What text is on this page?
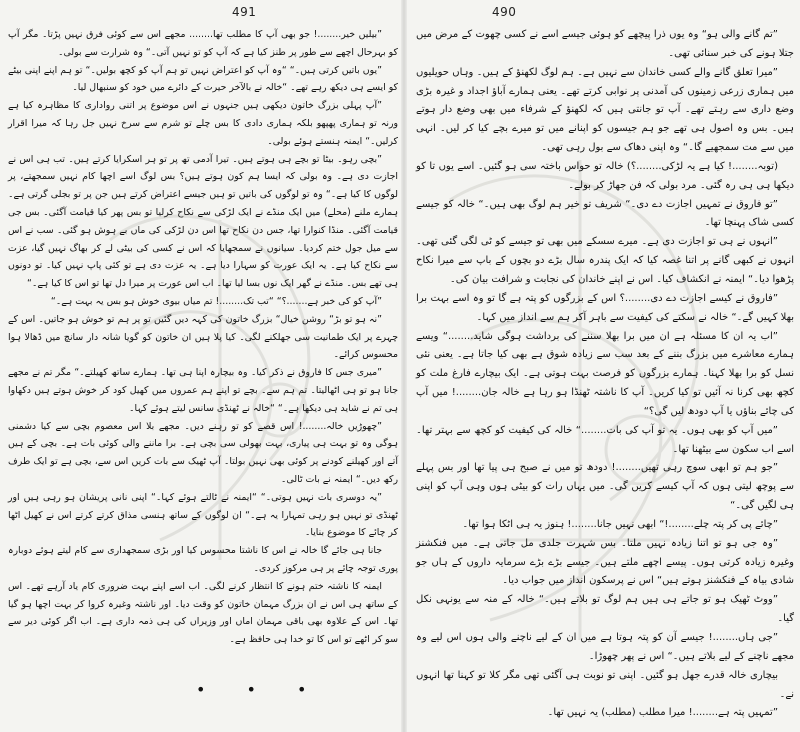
491

”بیلیں خیر........! جو بھی آپ کا مطلب تھا........ مجھے اس سے کوئی فرق نہیں پڑتا۔ مگر آپ کو بہرحال اچھے سے طور پر طنز کیا ہے کہ آپ کو تو نہیں آتی۔“ وہ شرارت سے بولی۔

”یوں باتیں کرتی ہیں۔“ “وہ آپ کو اعتراض نہیں تو ہم آپ کو کچھ بولیں۔“ تو ہم اپنے اپنی بیٹے کو ایسے ہی دیکھ رہے تھے۔ “خالہ نے بالآخر حیرت کے دائرے میں خود کو سنبھال لیا۔

”آپ پہلی بزرگ خاتون دیکھی ہیں جنہوں نے اس موضوع پر اتنی رواداری کا مظاہرہ کیا ہے ورنہ تو ہماری پھپھو بلکہ ہماری دادی کا بس چلے تو شرم سے سرخ نہیں جل رہا کہ میرا اقرار کرلیں۔“ ایمنہ ہنستے ہوئے بولی۔

”بچی رہو۔ بیٹا تو بچے ہی ہوتے ہیں۔ تیرا آدمی تھ پر تو ہر اسکرایا کرتے ہیں۔ تب ہی اس نے اجازت دی ہے۔ وہ بولی کہ ایسا ہم کون ہوتے ہیں؟ بس لوگ اسے اچھا کام نہیں سمجھتے، پر لوگوں کا کیا ہے۔“ وہ تو لوگوں کی باتیں تو ہیں جیسے اعتراض کرتے ہیں جن پر تو بجلی گرتی ہے۔ ہمارے ملنے (محلے) میں ایک منڈے نے ایک لڑکی سے نکاح کرلیا تو بس پھر کیا قیامت آگئی۔ بس جی قیامت آگئی۔ منڈا کنوارا تھا، جس دن نکاح تھا اس دن لڑکی کی ماں بے ہوش ہو گئی۔ سب نے اس سے میل جول ختم کردیا۔ سیانوں نے سمجھایا کہ اس نے کسی کی بیٹی لے کر بھاگ نہیں گیا، عزت سے نکاح کیا ہے۔ یہ ایک عورت کو سہارا دیا ہے۔ یہ عزت دی ہے تو کئی پاپ نہیں کیا۔ تو دونوں ہی تھے بس۔ منڈے نے گھر ایک نوں بسا لیا تھا۔ اب اس عورت پر میرا دل تھا تو اس کا کیا ہے۔“

”آپ کو کی خبر ہے.......؟“ “تب تک........! تم میاں بیوی خوش ہو بس یہ بہت ہے۔“

”نہ ہو تو بڑ“ روشن خیال“ بزرگ خاتون کی کہہ دیں گئیں تو پر ہم تو خوش ہو جاتیں۔ اس کے چہرے پر ایک طمانیت سی جھلکنے لگی۔ کیا پلا ہیں ان خاتون کو گویا شانہ دار سانچ میں ڈھالا ہوا محسوس کرائے۔

”میری جس کا فاروق نے ذکر کیا۔ وہ بیچارہ اپنا ہی تھا۔ ہمارے ساتھ کھیلتے۔“ مگر تم نے مجھے جانا ہو تو ہی اٹھالیتا۔ تم ہم سے۔ بچے تو اپنے ہم عمروں میں کھیل کود کر خوش ہوتے ہیں دکھاوا ہی تم نے شاید ہی دیکھا ہے۔“ “خالہ نے ٹھنڈی سانس لیتے ہوئے کہا۔

”چھوڑیں خالہ........! اس قصے کو تو رہنے دیں۔ مجھے بلا اس معصوم بچی سے کیا دشمنی ہوگی وہ تو بہت ہی پیاری، بہت بھولی سی بچی ہے۔ برا ماننے والی کوئی بات ہے۔ بچی کے ہیں آتے اور کھیلنے کودنے پر کوئی بھی نہیں بولتا۔ آپ ٹھیک سے بات کریں اس سے، بچی ہے تو ایک طرف رکھ دیں۔“ ایمنہ نے بات ٹالی۔

”یہ دوسری بات نہیں ہوتی۔“ “ایمنہ نے ٹالتے ہوئے کہا۔“ اپنی نانی پریشان ہو رہی ہیں اور ٹھنڈی تو نہیں ہو رہی تمہارا یہ ہے۔“ ان لوگوں کے ساتھ ہنسی مذاق کرتے کرتے اس نے کھیل اٹھا کر چائے کا موضوع بنایا۔

جانا ہی جائے گا خالہ نے اس کا ناشتا محسوس کیا اور بڑی سمجھداری سے کام لیتے ہوئے دوبارہ پوری توجہ چائے پر ہی مرکوز کردی۔

ایمنہ کا ناشتہ ختم ہونے کا انتظار کرنے لگی۔ اب اسے اپنے بہت ضروری کام یاد آرہے تھے۔ اس کے ساتھ ہی اس نے ان بزرگ مہمان خاتون کو وقت دیا۔ اور ناشتہ وغیرہ کروا کر بہت اچھا ہو گیا تھا۔ اس کے علاوہ بھی باقی مہمان اماں اور وزیراں کی ہی ذمہ داری ہے۔ اب اگر کوئی دیر سے سو کر اٹھے تو اس کا تو خدا ہی حافظ ہے۔

• • •
490

”تم گانے والی ہو“ وہ یوں ذرا پیچھے کو ہوئی جیسے اسے نے کسی چھوت کے مرض میں جتلا ہونے کی خبر سنائی تھی۔

”میرا تعلق گانے والے کسی خاندان سے نہیں ہے۔ ہم لوگ لکھنؤ کے ہیں۔ وہاں حویلیوں میں ہماری زرعی زمینوں کی آمدنی پر نوابی کرتے تھے۔ یعنی ہمارے آباؤ اجداد و غیرہ بڑی وضع داری سے رہتے تھے۔ آپ تو جانتی ہیں کہ لکھنؤ کے شرفاء میں بھی وضع دار ہوتے ہیں۔ بس وہ اصول ہی تھے جو ہم جیسوں کو اپنانے میں تو میرے بچے کیا کر لیں۔ انہی میں سے مت سمجھیے گا۔“ وہ اپنی دھاک سے بول رہی تھی۔

(توبہ........! کیا ہے یہ لڑکی........؟) خالہ تو حواس باختہ سی ہو گئیں۔ اسے یوں تا کو دیکھا ہی ہی رہ گئی۔ مرد بولی کہ فن جھاڑ کر بولے۔

”تو فاروق نے تمہیں اجازت دے دی۔“ شریف تو خیر ہم لوگ بھی ہیں۔“ خالہ کو جیسے کسی شاک پہنچا تھا۔

”انہوں نے ہی تو اجازت دی ہے۔ میرے سسکے میں بھی تو جیسے کو ٹی لگی گئی تھی۔ انہوں نے کبھی گانے پر اتنا غصہ کیا کہ ایک پندرہ سال بڑے دو بچوں کے باپ سے میرا نکاح پڑھوا دیا۔“ ایمنہ نے انکشاف کیا۔ اس نے اپنے خاندان کی نجابت و شرافت بیان کی۔

”فاروق نے کیسے اجازت دے دی........؟ اس کے بزرگوں کو پتہ ہے گا تو وہ اسے بہت برا بھلا کہیں گے۔“ خالہ نے سکتے کی کیفیت سے باہر آکر ہم سے انداز میں کہا۔

”اب یہ ان کا مسئلہ ہے ان میں برا بھلا سننے کی برداشت ہوگی شاید........“ ویسے ہمارے معاشرے میں بزرگ بننے کے بعد سب سے زیادہ شوق ہے بھی کیا جاتا ہے۔ یعنی نئی نسل کو برا بھلا کہنا۔ ہمارے بزرگوں کو فرصت بہت ہوتی ہے۔ ایک بیچارے فارغ ملت کو کچھ بھی کرنا نہ آئیں تو کیا کریں۔ آپ کا ناشتہ ٹھنڈا ہو رہا ہے خالہ جان........! میں آپ کی چائے بناؤں یا آپ دودھ لیں گی؟“

”میں آپ کو بھی ہوں۔ یہ تو آپ کی بات........“ خالہ کی کیفیت کو کچھ سے بہتر تھا۔ اسے اب سکون سے بیٹھنا تھا۔

”جو ہم تو ابھی سوچ رہی تھیں........! دودھ تو میں نے صبح ہی پیا تھا اور بس پہلے سے پوچھ لیتی ہوں کہ آپ کیسے کریں گی۔ میں یہاں رات کو بیٹی ہوں وہی آپ کو اپنی ہی لگیں گی۔“

”چائے پی کر پتہ چلے........!“ ابھی نہیں جانا........! ہنوز یہ ہی اٹکا ہوا تھا۔

”وہ جی ہو تو اتنا زیادہ نہیں ملتا۔ بس شہرت جلدی مل جاتی ہے۔ میں فنکشنز وغیرہ زیادہ کرتی ہوں۔ پیسے اچھے ملتے ہیں۔ جیسے بڑے بڑے سرمایہ داروں کے ہاں جو شادی بیاہ کے فنکشنز ہوتے ہیں“ اس نے پرسکون انداز میں جواب دیا۔

”ووٹ ٹھیک ہو تو جاتے ہی ہیں ہم لوگ تو بلاتے ہیں۔“ خالہ کے منہ سے یونہی نکل گیا۔

”جی ہاں........! جیسے آن کو پتہ ہوتا ہے میں ان کے لیے ناچنے والی ہوں اس لیے وہ مجھے ناچنے کے لیے بلاتے ہیں۔“ اس نے پھر چھوڑا۔

بیچاری خالہ قدرے جھل ہو گئیں۔ اپنی تو نوبت ہی آگئی تھی مگر کلا تو کہنا تھا انہوں نے۔

”تمہیں پتہ ہے........! میرا مطلب (مطلب) یہ نہیں تھا۔
